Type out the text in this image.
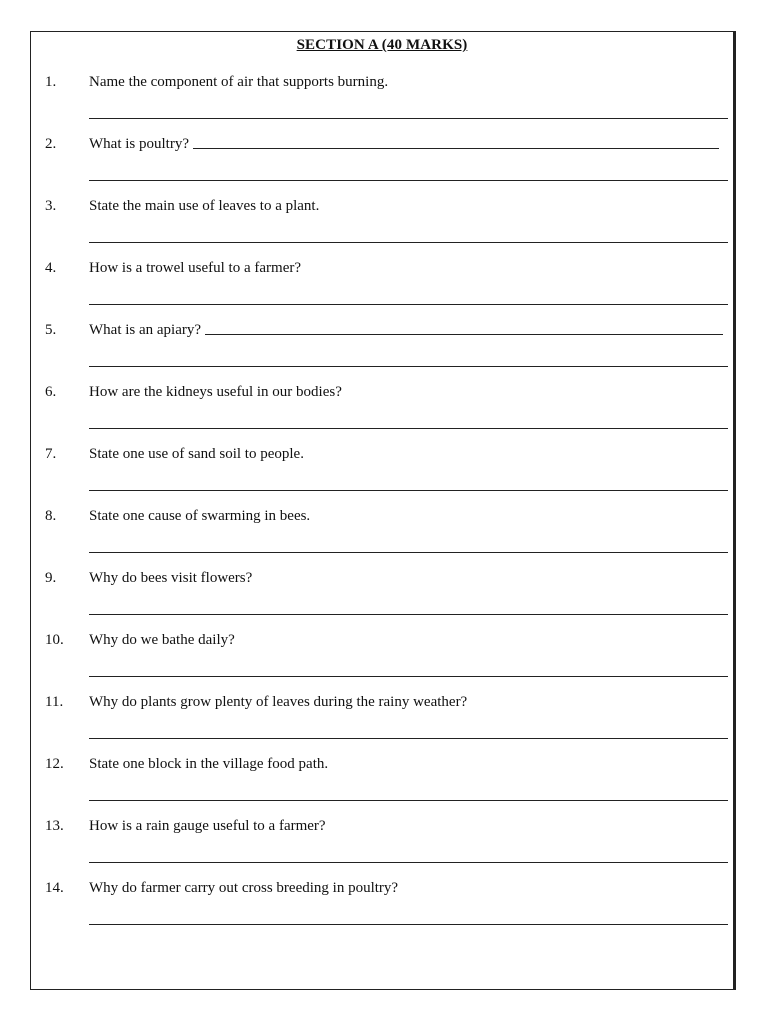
SECTION A (40 MARKS)
1. Name the component of air that supports burning.
2. What is poultry?
3. State the main use of leaves to a plant.
4. How is a trowel useful to a farmer?
5. What is an apiary?
6. How are the kidneys useful in our bodies?
7. State one use of sand soil to people.
8. State one cause of swarming in bees.
9. Why do bees visit flowers?
10. Why do we bathe daily?
11. Why do plants grow plenty of leaves during the rainy weather?
12. State one block in the village food path.
13. How is a rain gauge useful to a farmer?
14. Why do farmer carry out cross breeding in poultry?
